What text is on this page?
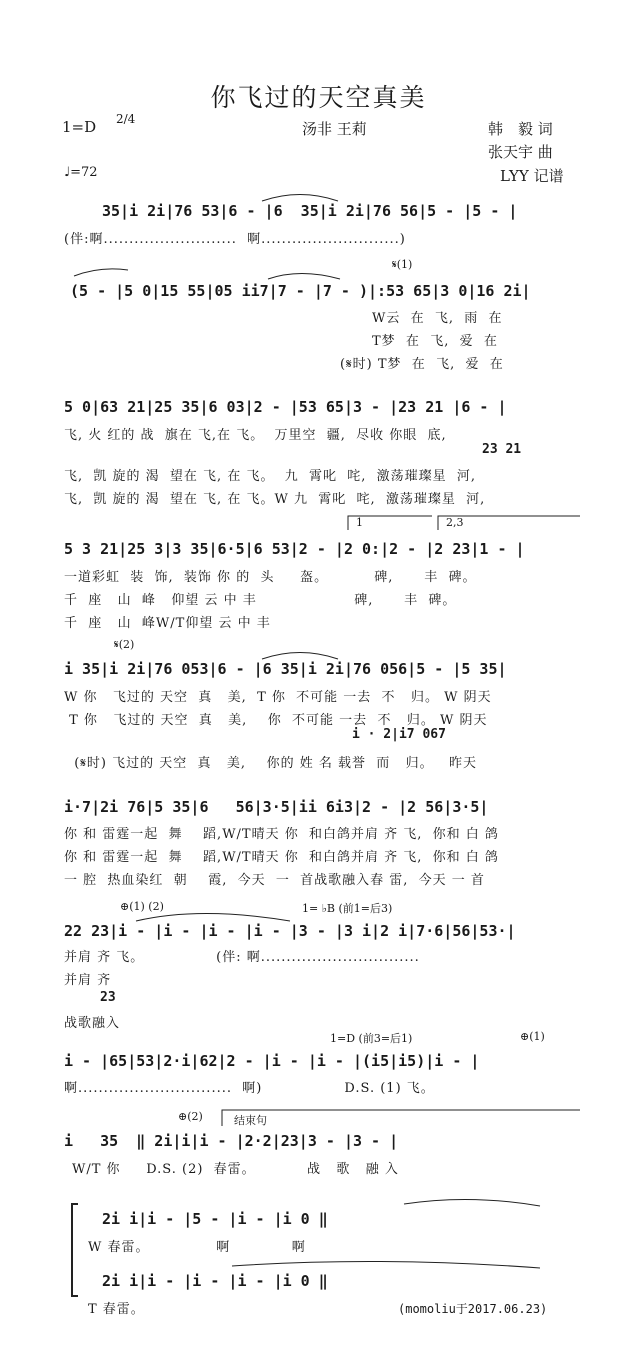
你飞过的天空真美
1=D 2/4
汤非 王莉	韩　毅 词
张天宇 曲
♩=72	LYY 记谱
35|i 2i|76 53|6 - |6  35|i 2i|76 56|5 - |5 - |
(伴:啊..........................  啊...........................)
𝄋(1)
(5 - |5 0|15 55|05 ii7|7 - |7 - )|:53 65|3 0|16 2i|
W云  在  飞,  雨  在
T梦  在  飞,  爱  在
(𝄋时) T梦  在  飞,  爱  在
5 0|63 21|25 35|6 03|2 - |53 65|3 - |23 21 |6 - |
飞, 火 红的 战  旗在 飞,在 飞。  万里空  疆,  尽收 你眼  底,
23 21
飞,  凯 旋的 渴  望在 飞, 在 飞。  九  霄叱  咤,  激荡璀璨星  河,
飞,  凯 旋的 渴  望在 飞, 在 飞。W 九  霄叱  咤,  激荡璀璨星  河,
1	2,3
5 3 21|25 3|3 35|6·5|6 53|2 - |2 0:|2 - |2 23|1 - |
一道彩虹  装  饰,  装饰 你 的  头     盔。         碑,      丰  碑。
千  座   山  峰   仰望 云 中 丰                   碑,      丰  碑。
千  座   山  峰W/T仰望 云 中 丰
𝄋(2)
i 35|i 2i|76 053|6 - |6 35|i 2i|76 056|5 - |5 35|
W 你   飞过的 天空  真   美,  T 你  不可能 一去  不   归。 W 阴天
T 你   飞过的 天空  真   美,    你  不可能 一去  不   归。 W 阴天
i · 2|i7 067
(𝄋时) 飞过的 天空  真   美,    你的 姓 名 载誉  而   归。   昨天
i·7|2i 76|5 35|6   56|3·5|ii 6i3|2 - |2 56|3·5|
你 和 雷霆一起  舞    蹈,W/T晴天 你  和白鸽并肩 齐 飞,  你和 白 鸽
你 和 雷霆一起  舞    蹈,W/T晴天 你  和白鸽并肩 齐 飞,  你和 白 鸽
一 腔  热血染红  朝    霞,  今天  一  首战歌融入春 雷,  今天 一 首
⊕(1) (2)	1= ♭B (前1=后3)
22 23|i - |i - |i - |i - |3 - |3 i|2 i|7·6|56|53·|
并肩 齐 飞。              (伴: 啊...............................
并肩 齐
23
战歌融入
1=D (前3=后1)	⊕(1)
i - |65|53|2·i|62|2 - |i - |i - |(i5|i5)|i - |
啊..............................  啊)                D.S. (1) 飞。
⊕(2)	结束句
i   35  ‖ 2i|i|i - |2·2|23|3 - |3 - |
W/T 你     D.S. (2)  春雷。          战   歌   融 入
2i i|i - |5 - |i - |i 0 ‖
W 春雷。             啊            啊
2i i|i - |i - |i - |i 0 ‖
T 春雷。	(momoliu于2017.06.23)
